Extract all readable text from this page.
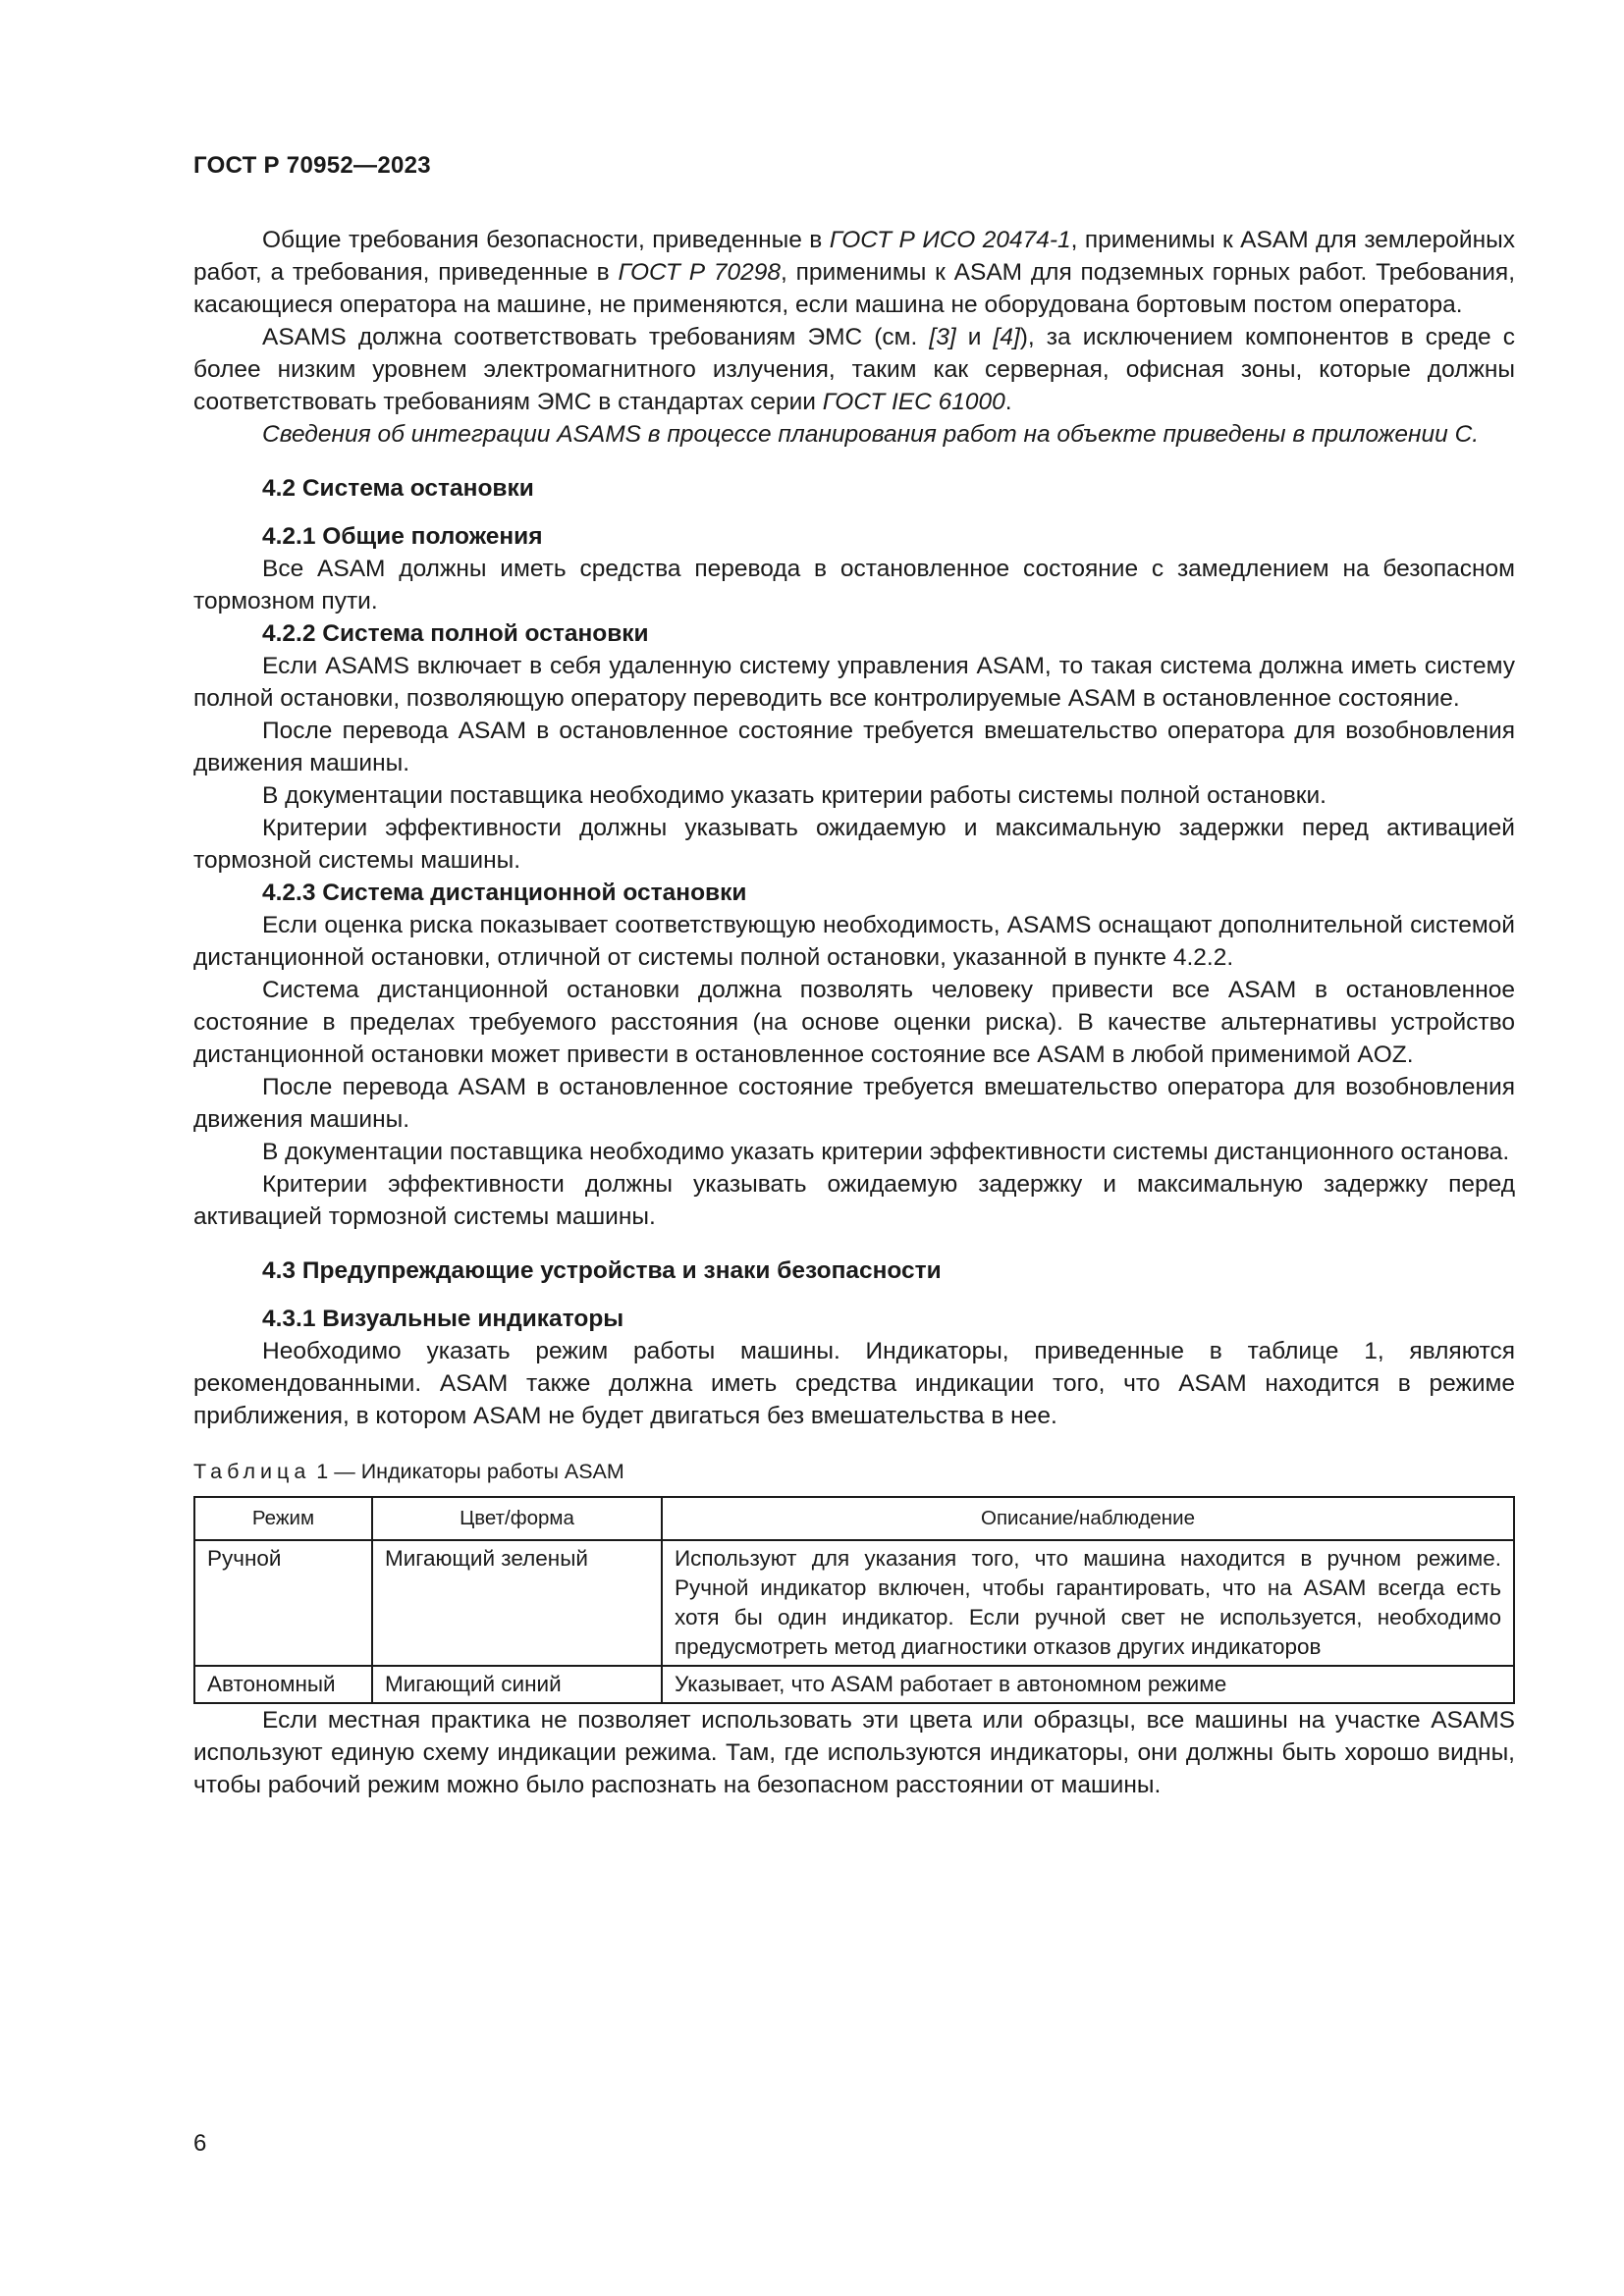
ГОСТ Р 70952—2023

Общие требования безопасности, приведенные в ГОСТ Р ИСО 20474-1, применимы к ASAM для землеройных работ, а требования, приведенные в ГОСТ Р 70298, применимы к ASAM для подземных горных работ. Требования, касающиеся оператора на машине, не применяются, если машина не оборудована бортовым постом оператора.

ASAMS должна соответствовать требованиям ЭМС (см. [3] и [4]), за исключением компонентов в среде с более низким уровнем электромагнитного излучения, таким как серверная, офисная зоны, которые должны соответствовать требованиям ЭМС в стандартах серии ГОСТ IEC 61000.

Сведения об интеграции ASAMS в процессе планирования работ на объекте приведены в приложении С.

4.2 Система остановки
4.2.1 Общие положения

Все ASAM должны иметь средства перевода в остановленное состояние с замедлением на безопасном тормозном пути.

4.2.2 Система полной остановки

Если ASAMS включает в себя удаленную систему управления ASAM, то такая система должна иметь систему полной остановки, позволяющую оператору переводить все контролируемые ASAM в остановленное состояние.

После перевода ASAM в остановленное состояние требуется вмешательство оператора для возобновления движения машины.

В документации поставщика необходимо указать критерии работы системы полной остановки.

Критерии эффективности должны указывать ожидаемую и максимальную задержки перед активацией тормозной системы машины.

4.2.3 Система дистанционной остановки

Если оценка риска показывает соответствующую необходимость, ASAMS оснащают дополнительной системой дистанционной остановки, отличной от системы полной остановки, указанной в пункте 4.2.2.

Система дистанционной остановки должна позволять человеку привести все ASAM в остановленное состояние в пределах требуемого расстояния (на основе оценки риска). В качестве альтернативы устройство дистанционной остановки может привести в остановленное состояние все ASAM в любой применимой AOZ.

После перевода ASAM в остановленное состояние требуется вмешательство оператора для возобновления движения машины.

В документации поставщика необходимо указать критерии эффективности системы дистанционного останова.

Критерии эффективности должны указывать ожидаемую задержку и максимальную задержку перед активацией тормозной системы машины.

4.3 Предупреждающие устройства и знаки безопасности
4.3.1 Визуальные индикаторы

Необходимо указать режим работы машины. Индикаторы, приведенные в таблице 1, являются рекомендованными. ASAM также должна иметь средства индикации того, что ASAM находится в режиме приближения, в котором ASAM не будет двигаться без вмешательства в нее.

Таблица 1 — Индикаторы работы ASAM
Режим	Цвет/форма	Описание/наблюдение
Ручной	Мигающий зеленый	Используют для указания того, что машина находится в ручном режиме. Ручной индикатор включен, чтобы гарантировать, что на ASAM всегда есть хотя бы один индикатор. Если ручной свет не используется, необходимо предусмотреть метод диагностики отказов других индикаторов
Автономный	Мигающий синий	Указывает, что ASAM работает в автономном режиме

Если местная практика не позволяет использовать эти цвета или образцы, все машины на участке ASAMS используют единую схему индикации режима. Там, где используются индикаторы, они должны быть хорошо видны, чтобы рабочий режим можно было распознать на безопасном расстоянии от машины.

6
